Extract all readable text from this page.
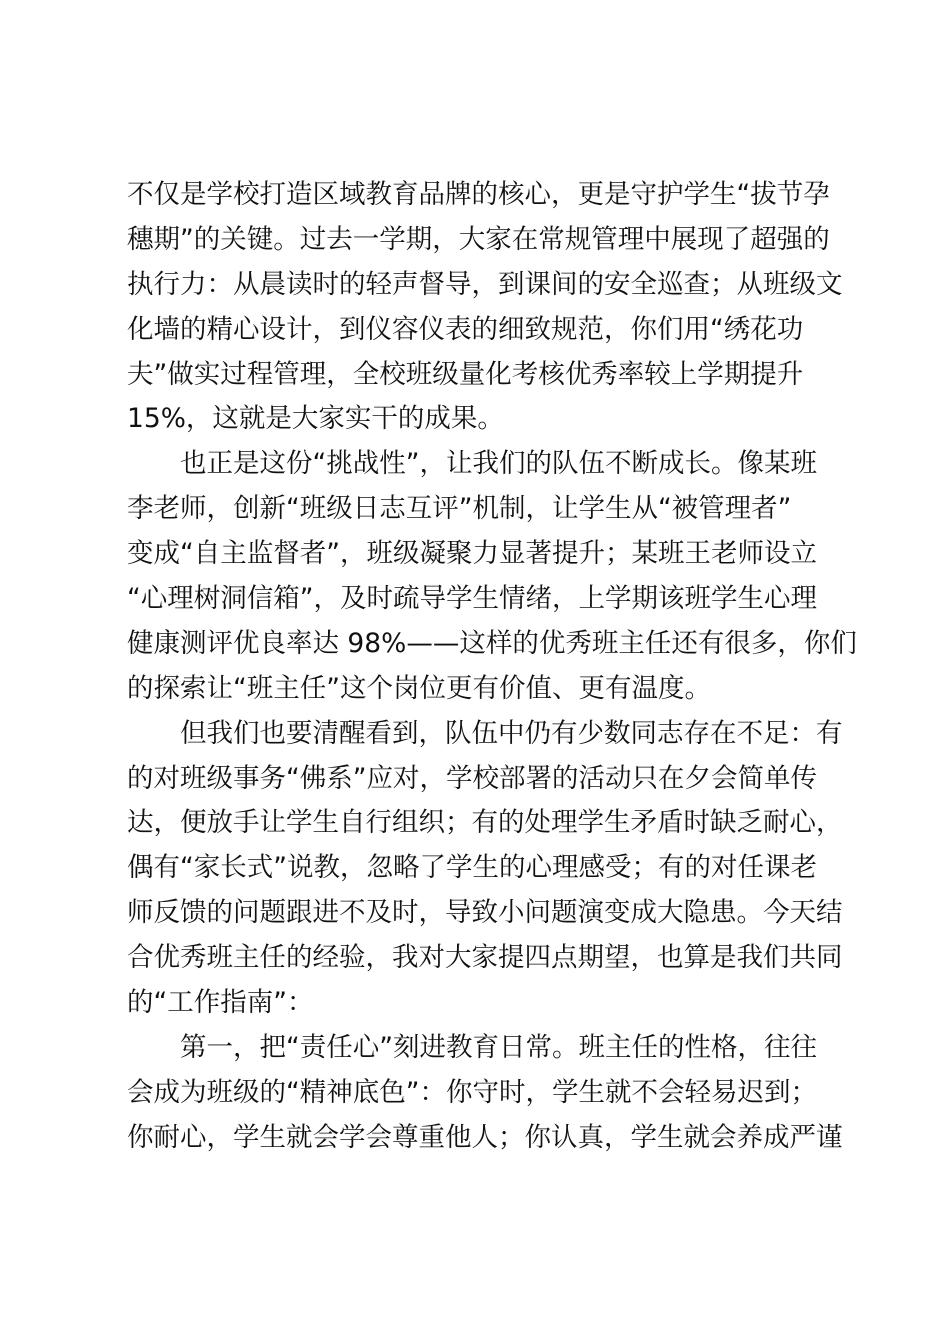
不仅是学校打造区域教育品牌的核心，更是守护学生“拔节孕
穗期”的关键。过去一学期，大家在常规管理中展现了超强的
执行力：从晨读时的轻声督导，到课间的安全巡查；从班级文
化墙的精心设计，到仪容仪表的细致规范，你们用“绣花功
夫”做实过程管理，全校班级量化考核优秀率较上学期提升
15%，这就是大家实干的成果。
　　也正是这份“挑战性”，让我们的队伍不断成长。像某班
李老师，创新“班级日志互评”机制，让学生从“被管理者”
变成“自主监督者”，班级凝聚力显著提升；某班王老师设立
“心理树洞信箱”，及时疏导学生情绪，上学期该班学生心理
健康测评优良率达 98%——这样的优秀班主任还有很多，你们
的探索让“班主任”这个岗位更有价值、更有温度。
　　但我们也要清醒看到，队伍中仍有少数同志存在不足：有
的对班级事务“佛系”应对，学校部署的活动只在夕会简单传
达，便放手让学生自行组织；有的处理学生矛盾时缺乏耐心，
偶有“家长式”说教，忽略了学生的心理感受；有的对任课老
师反馈的问题跟进不及时，导致小问题演变成大隐患。今天结
合优秀班主任的经验，我对大家提四点期望，也算是我们共同
的“工作指南”：
　　第一，把“责任心”刻进教育日常。班主任的性格，往往
会成为班级的“精神底色”：你守时，学生就不会轻易迟到；
你耐心，学生就会学会尊重他人；你认真，学生就会养成严谨
